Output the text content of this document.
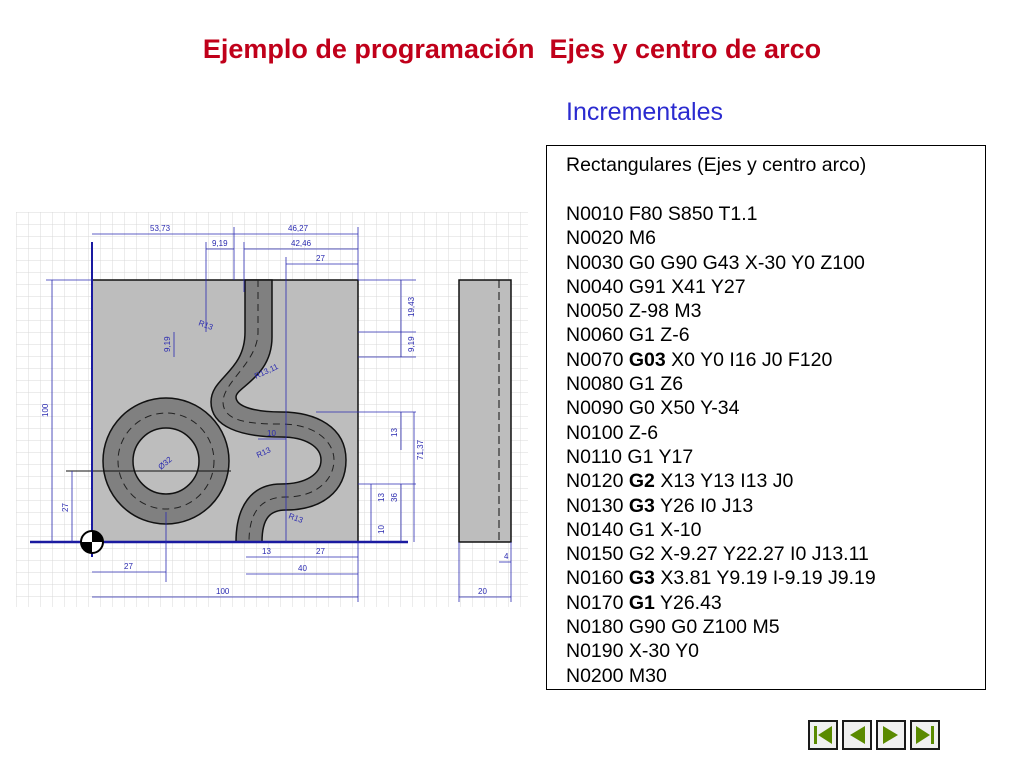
Ejemplo de programación  Ejes y centro de arco
Incrementales
53,73	46,27
9,19	42,46
27
100
27
9,19
19,43
9,19
13
71,37
36
13
10
R13
R13,11
R13
R13
10
Ø32
27
100
13	27
40
4
20
Rectangulares (Ejes y centro arco)
N0010 F80 S850 T1.1
N0020 M6
N0030 G0 G90 G43 X-30 Y0 Z100
N0040 G91 X41 Y27
N0050 Z-98 M3
N0060 G1 Z-6
N0070 G03 X0 Y0 I16 J0 F120
N0080 G1 Z6
N0090 G0 X50 Y-34
N0100 Z-6
N0110 G1 Y17
N0120 G2 X13 Y13 I13 J0
N0130 G3 Y26 I0 J13
N0140 G1 X-10
N0150 G2 X-9.27 Y22.27 I0 J13.11
N0160 G3 X3.81 Y9.19 I-9.19 J9.19
N0170 G1 Y26.43
N0180 G90 G0 Z100 M5
N0190 X-30 Y0
N0200 M30
